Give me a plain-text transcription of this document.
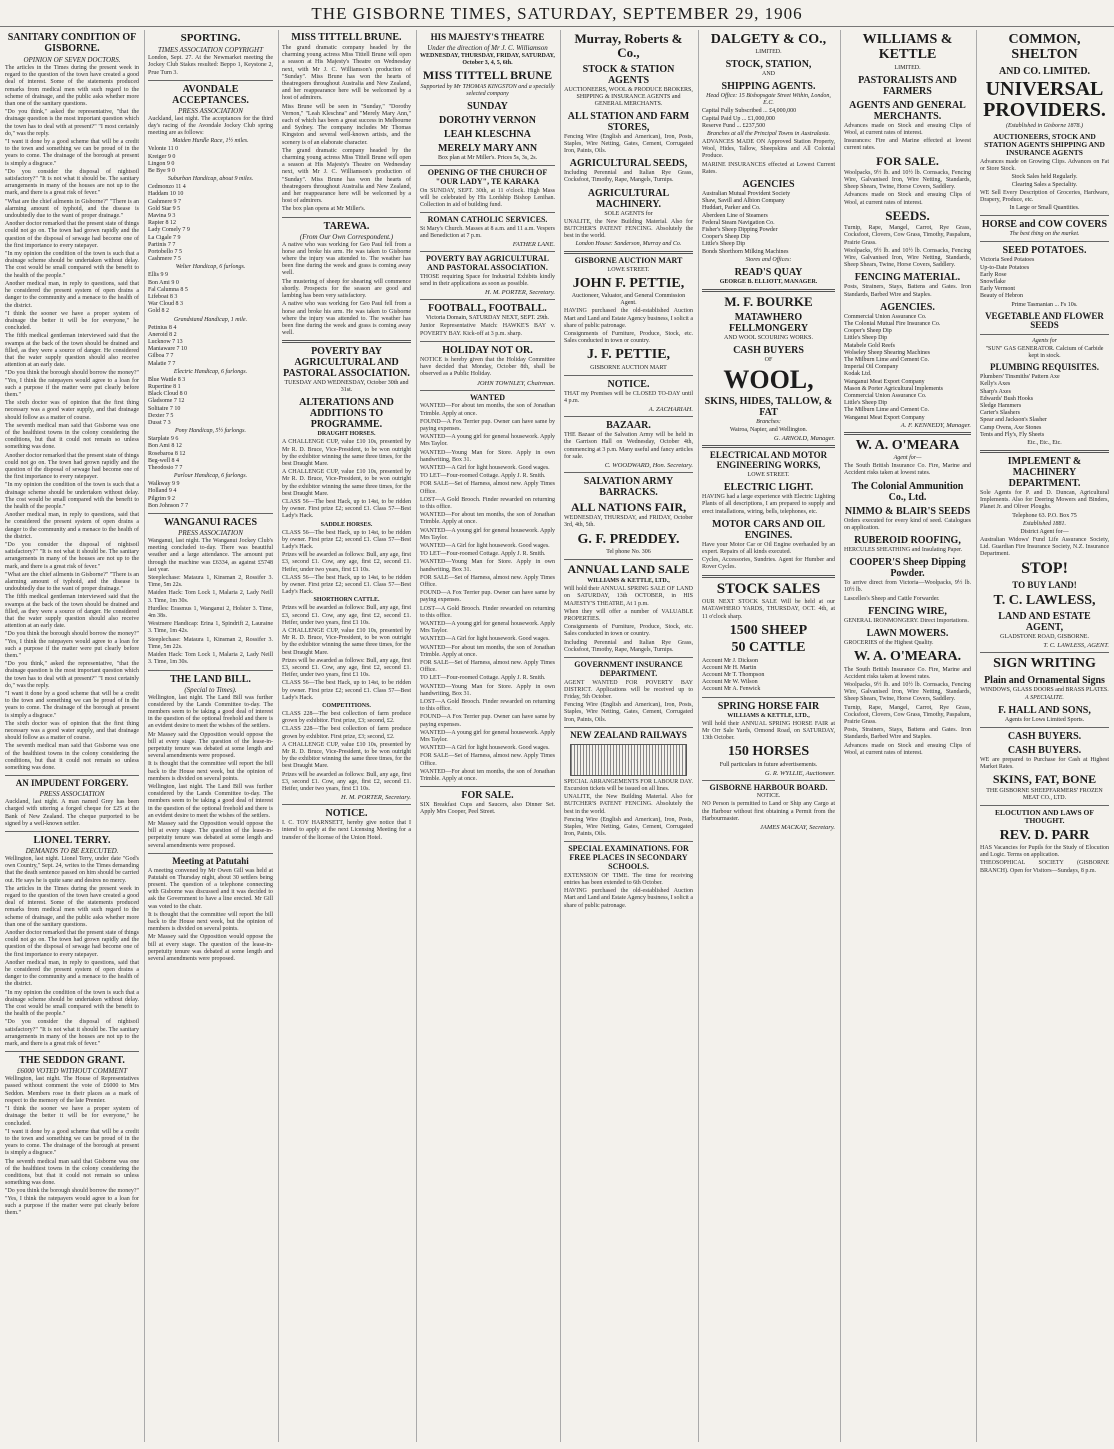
THE GISBORNE TIMES, SATURDAY, SEPTEMBER 29, 1906
SANITARY CONDITION OF GISBORNE.
OPINION OF SEVEN DOCTORS.

The articles in the Times during the present week in regard to the question of the town have created a good deal of interest. Some of the statements produced remarks from medical men with such regard to the scheme of drainage, and the public asks whether more than one of the sanitary questions.

"Do you think," asked the representative, "that the drainage question is the most important question which the town has to deal with at present?" "I most certainly do," was the reply.

"I want it done by a good scheme that will be a credit to the town and something we can be proud of in the years to come. The drainage of the borough at present is simply a disgrace."

"Do you consider the disposal of nightsoil satisfactory?" "It is not what it should be. The sanitary arrangements in many of the houses are not up to the mark, and there is a great risk of fever."

"What are the chief ailments in Gisborne?" "There is an alarming amount of typhoid, and the disease is undoubtedly due to the want of proper drainage."

Another doctor remarked that the present state of things could not go on. The town had grown rapidly and the question of the disposal of sewage had become one of the first importance to every ratepayer.

"In my opinion the condition of the town is such that a drainage scheme should be undertaken without delay. The cost would be small compared with the benefit to the health of the people."

Another medical man, in reply to questions, said that he considered the present system of open drains a danger to the community and a menace to the health of the district.

"I think the sooner we have a proper system of drainage the better it will be for everyone," he concluded.

The fifth medical gentleman interviewed said that the swamps at the back of the town should be drained and filled, as they were a source of danger. He considered that the water supply question should also receive attention at an early date.

"Do you think the borough should borrow the money?" "Yes, I think the ratepayers would agree to a loan for such a purpose if the matter were put clearly before them."

The sixth doctor was of opinion that the first thing necessary was a good water supply, and that drainage should follow as a matter of course.

The seventh medical man said that Gisborne was one of the healthiest towns in the colony considering the conditions, but that it could not remain so unless something was done.

Another doctor remarked that the present state of things could not go on. The town had grown rapidly and the question of the disposal of sewage had become one of the first importance to every ratepayer.

"In my opinion the condition of the town is such that a drainage scheme should be undertaken without delay. The cost would be small compared with the benefit to the health of the people."

Another medical man, in reply to questions, said that he considered the present system of open drains a danger to the community and a menace to the health of the district.

"Do you consider the disposal of nightsoil satisfactory?" "It is not what it should be. The sanitary arrangements in many of the houses are not up to the mark, and there is a great risk of fever."

"What are the chief ailments in Gisborne?" "There is an alarming amount of typhoid, and the disease is undoubtedly due to the want of proper drainage."

The fifth medical gentleman interviewed said that the swamps at the back of the town should be drained and filled, as they were a source of danger. He considered that the water supply question should also receive attention at an early date.

"Do you think the borough should borrow the money?" "Yes, I think the ratepayers would agree to a loan for such a purpose if the matter were put clearly before them."

"Do you think," asked the representative, "that the drainage question is the most important question which the town has to deal with at present?" "I most certainly do," was the reply.

"I want it done by a good scheme that will be a credit to the town and something we can be proud of in the years to come. The drainage of the borough at present is simply a disgrace."

The sixth doctor was of opinion that the first thing necessary was a good water supply, and that drainage should follow as a matter of course.

The seventh medical man said that Gisborne was one of the healthiest towns in the colony considering the conditions, but that it could not remain so unless something was done.

AN IMPUDENT FORGERY.
PRESS ASSOCIATION

Auckland, last night. A man named Grey has been charged with uttering a forged cheque for £25 at the Bank of New Zealand. The cheque purported to be signed by a well-known settler.

LIONEL TERRY.
DEMANDS TO BE EXECUTED.

Wellington, last night. Lionel Terry, under date "God's own Country," Sept. 24, writes to the Times demanding that the death sentence passed on him should be carried out. He says he is quite sane and desires no mercy.

The articles in the Times during the present week in regard to the question of the town have created a good deal of interest. Some of the statements produced remarks from medical men with such regard to the scheme of drainage, and the public asks whether more than one of the sanitary questions.

Another doctor remarked that the present state of things could not go on. The town had grown rapidly and the question of the disposal of sewage had become one of the first importance to every ratepayer.

Another medical man, in reply to questions, said that he considered the present system of open drains a danger to the community and a menace to the health of the district.

"In my opinion the condition of the town is such that a drainage scheme should be undertaken without delay. The cost would be small compared with the benefit to the health of the people."

"Do you consider the disposal of nightsoil satisfactory?" "It is not what it should be. The sanitary arrangements in many of the houses are not up to the mark, and there is a great risk of fever."

THE SEDDON GRANT.
£6000 VOTED WITHOUT COMMENT

Wellington, last night. The House of Representatives passed without comment the vote of £6000 to Mrs Seddon. Members rose in their places as a mark of respect to the memory of the late Premier.

"I think the sooner we have a proper system of drainage the better it will be for everyone," he concluded.

"I want it done by a good scheme that will be a credit to the town and something we can be proud of in the years to come. The drainage of the borough at present is simply a disgrace."

The seventh medical man said that Gisborne was one of the healthiest towns in the colony considering the conditions, but that it could not remain so unless something was done.

"Do you think the borough should borrow the money?" "Yes, I think the ratepayers would agree to a loan for such a purpose if the matter were put clearly before them."

SPORTING.
TIMES ASSOCIATION COPYRIGHT

London, Sept. 27. At the Newmarket meeting the Jockey Club Stakes resulted: Beppo 1, Keystone 2, Prue Turn 3.

AVONDALE ACCEPTANCES.
PRESS ASSOCIATION

Auckland, last night. The acceptances for the third day's racing of the Avondale Jockey Club spring meeting are as follows:

Maiden Hurdle Race, 1½ miles.
Velonte 11 0
Kreiger 9 0
Lingon 9 0
Be Bye 9 0
Suburban Handicap, about 9 miles.
Cedmonzo 11 4
Haddam 10 10
Cashmere 9 7
Gold Star 9 5
Mavina 9 3
Rapier 8 12
Lady Comely 7 9
La Cigale 7 9
Partinis 7 7
Portobello 7 5
Cashmere 7 5
Welter Handicap, 6 furlongs.
Ellis 9 9
Bon Ami 9 0
Fal Calumna 8 5
Lifeboat 8 3
War Cloud 8 3
Gold 8 2
Grandstand Handicap, 1 mile.
Petinius 8 4
Aneroid 8 2
Lucknow 7 13
Maniaware 7 10
Gilboa 7 7
Malatie 7 7
Electric Handicap, 6 furlongs.
Blue Wattle 8 3
Rupertine 8 1
Black Cloud 8 0
Gladsome 7 12
Solitaire 7 10
Dexter 7 5
Dusst 7 3
Pony Handicap, 5½ furlongs.
Starplate 9 6
Bon Ami 8 12
Rosebaroa 8 12
Beg-well 8 4
Theodosio 7 7
Parlour Handicap, 6 furlongs.
Walkway 9 9
Holland 9 4
Pilgrim 9 2
Bon Johnson 7 7
WANGANUI RACES
PRESS ASSOCIATION

Wanganui, last night. The Wanganui Jockey Club's meeting concluded to-day. There was beautiful weather and a large attendance. The amount put through the machine was £6334, as against £5748 last year.

Steeplechase: Mataura 1, Kinsman 2, Rossifer 3. Time, 5m 22s.

Maiden Hack: Tom Lock 1, Malaria 2, Lady Neill 3. Time, 1m 30s.

Hurdles: Erasmus 1, Wanganui 2, Holster 3. Time, 4m 38s.

Westmere Handicap: Erina 1, Spindrift 2, Lauraine 3. Time, 1m 42s.

Steeplechase: Mataura 1, Kinsman 2, Rossifer 3. Time, 5m 22s.

Maiden Hack: Tom Lock 1, Malaria 2, Lady Neill 3. Time, 1m 30s.

THE LAND BILL.
(Special to Times).

Wellington, last night. The Land Bill was further considered by the Lands Committee to-day. The members seem to be taking a good deal of interest in the question of the optional freehold and there is an evident desire to meet the wishes of the settlers.

Mr Massey said the Opposition would oppose the bill at every stage. The question of the lease-in-perpetuity tenure was debated at some length and several amendments were proposed.

It is thought that the committee will report the bill back to the House next week, but the opinion of members is divided on several points.

Wellington, last night. The Land Bill was further considered by the Lands Committee to-day. The members seem to be taking a good deal of interest in the question of the optional freehold and there is an evident desire to meet the wishes of the settlers.

Mr Massey said the Opposition would oppose the bill at every stage. The question of the lease-in-perpetuity tenure was debated at some length and several amendments were proposed.

Meeting at Patutahi

A meeting convened by Mr Owen Gill was held at Patutahi on Thursday night, about 30 settlers being present. The question of a telephone connecting with Gisborne was discussed and it was decided to ask the Government to have a line erected. Mr Gill was voted to the chair.

It is thought that the committee will report the bill back to the House next week, but the opinion of members is divided on several points.

Mr Massey said the Opposition would oppose the bill at every stage. The question of the lease-in-perpetuity tenure was debated at some length and several amendments were proposed.

MISS TITTELL BRUNE.

The grand dramatic company headed by the charming young actress Miss Tittell Brune will open a season at His Majesty's Theatre on Wednesday next, with Mr J. C. Williamson's production of "Sunday". Miss Brune has won the hearts of theatregoers throughout Australia and New Zealand, and her reappearance here will be welcomed by a host of admirers.

Miss Brune will be seen in "Sunday," "Dorothy Vernon," "Leah Kleschna" and "Merely Mary Ann," each of which has been a great success in Melbourne and Sydney. The company includes Mr Thomas Kingston and several well-known artists, and the scenery is of an elaborate character.

The grand dramatic company headed by the charming young actress Miss Tittell Brune will open a season at His Majesty's Theatre on Wednesday next, with Mr J. C. Williamson's production of "Sunday". Miss Brune has won the hearts of theatregoers throughout Australia and New Zealand, and her reappearance here will be welcomed by a host of admirers.

The box plan opens at Mr Miller's.

TAREWA.
(From Our Own Correspondent.)

A native who was working for Geo Paul fell from a horse and broke his arm. He was taken to Gisborne where the injury was attended to. The weather has been fine during the week and grass is coming away well.

The mustering of sheep for shearing will commence shortly. Prospects for the season are good and lambing has been very satisfactory.

A native who was working for Geo Paul fell from a horse and broke his arm. He was taken to Gisborne where the injury was attended to. The weather has been fine during the week and grass is coming away well.

POVERTY BAY AGRICULTURAL AND PASTORAL ASSOCIATION.
TUESDAY AND WEDNESDAY, October 30th and 31st.
ALTERATIONS AND ADDITIONS TO PROGRAMME.
DRAUGHT HORSES.

A CHALLENGE CUP, value £10 10s, presented by Mr R. D. Bruce, Vice-President, to be won outright by the exhibitor winning the same three times, for the best Draught Mare.

A CHALLENGE CUP, value £10 10s, presented by Mr R. D. Bruce, Vice-President, to be won outright by the exhibitor winning the same three times, for the best Draught Mare.

CLASS 56—The best Hack, up to 14st, to be ridden by owner. First prize £2; second £1. Class 57—Best Lady's Hack.

SADDLE HORSES.

CLASS 56—The best Hack, up to 14st, to be ridden by owner. First prize £2; second £1. Class 57—Best Lady's Hack.

Prizes will be awarded as follows: Bull, any age, first £3, second £1. Cow, any age, first £2, second £1. Heifer, under two years, first £1 10s.

CLASS 56—The best Hack, up to 14st, to be ridden by owner. First prize £2; second £1. Class 57—Best Lady's Hack.

SHORTHORN CATTLE.

Prizes will be awarded as follows: Bull, any age, first £3, second £1. Cow, any age, first £2, second £1. Heifer, under two years, first £1 10s.

A CHALLENGE CUP, value £10 10s, presented by Mr R. D. Bruce, Vice-President, to be won outright by the exhibitor winning the same three times, for the best Draught Mare.

Prizes will be awarded as follows: Bull, any age, first £3, second £1. Cow, any age, first £2, second £1. Heifer, under two years, first £1 10s.

CLASS 56—The best Hack, up to 14st, to be ridden by owner. First prize £2; second £1. Class 57—Best Lady's Hack.

COMPETITIONS.

CLASS 228—The best collection of farm produce grown by exhibitor. First prize, £3; second, £2.

CLASS 228—The best collection of farm produce grown by exhibitor. First prize, £3; second, £2.

A CHALLENGE CUP, value £10 10s, presented by Mr R. D. Bruce, Vice-President, to be won outright by the exhibitor winning the same three times, for the best Draught Mare.

Prizes will be awarded as follows: Bull, any age, first £3, second £1. Cow, any age, first £2, second £1. Heifer, under two years, first £1 10s.

H. M. PORTER, Secretary.
NOTICE.

I. C. TOY HARNSETT, hereby give notice that I intend to apply at the next Licensing Meeting for a transfer of the license of the Union Hotel.

HIS MAJESTY'S THEATRE
Under the direction of Mr J. C. Williamson
WEDNESDAY, THURSDAY, FRIDAY, SATURDAY, October 3, 4, 5, 6th.
MISS TITTELL BRUNE
Supported by Mr THOMAS KINGSTON and a specially selected company
SUNDAY
DOROTHY VERNON
LEAH KLESCHNA
MERELY MARY ANN
Box plan at Mr Miller's. Prices 5s, 3s, 2s.
OPENING OF THE CHURCH OF "OUR LADY", TE KARAKA

On SUNDAY, SEPT. 30th, at 11 o'clock. High Mass will be celebrated by His Lordship Bishop Lenihan. Collection in aid of building fund.

ROMAN CATHOLIC SERVICES.

St Mary's Church. Masses at 8 a.m. and 11 a.m. Vespers and Benediction at 7 p.m.

FATHER LANE.
POVERTY BAY AGRICULTURAL AND PASTORAL ASSOCIATION.

THOSE requiring Space for Industrial Exhibits kindly send in their applications as soon as possible.

H. M. PORTER, Secretary.
FOOTBALL, FOOTBALL.
Victoria Domain, SATURDAY NEXT, SEPT. 29th.

Junior Representative Match: HAWKE'S BAY v. POVERTY BAY. Kick-off at 3 p.m. sharp.

HOLIDAY NOT OR.

NOTICE is hereby given that the Holiday Committee have decided that Monday, October 8th, shall be observed as a Public Holiday.

JOHN TOWNLEY, Chairman.
WANTED

WANTED—For about ten months, the son of Jonathan Trimble. Apply at once.

FOUND—A Fox Terrier pup. Owner can have same by paying expenses.

WANTED—A young girl for general housework. Apply Mrs Taylor.

WANTED—Young Man for Store. Apply in own handwriting, Box 31.

WANTED—A Girl for light housework. Good wages.

TO LET—Four-roomed Cottage. Apply J. R. Smith.

FOR SALE—Set of Harness, almost new. Apply Times Office.

LOST—A Gold Brooch. Finder rewarded on returning to this office.

WANTED—For about ten months, the son of Jonathan Trimble. Apply at once.

WANTED—A young girl for general housework. Apply Mrs Taylor.

WANTED—A Girl for light housework. Good wages.

TO LET—Four-roomed Cottage. Apply J. R. Smith.

WANTED—Young Man for Store. Apply in own handwriting, Box 31.

FOR SALE—Set of Harness, almost new. Apply Times Office.

FOUND—A Fox Terrier pup. Owner can have same by paying expenses.

LOST—A Gold Brooch. Finder rewarded on returning to this office.

WANTED—A young girl for general housework. Apply Mrs Taylor.

WANTED—A Girl for light housework. Good wages.

WANTED—For about ten months, the son of Jonathan Trimble. Apply at once.

FOR SALE—Set of Harness, almost new. Apply Times Office.

TO LET—Four-roomed Cottage. Apply J. R. Smith.

WANTED—Young Man for Store. Apply in own handwriting, Box 31.

LOST—A Gold Brooch. Finder rewarded on returning to this office.

FOUND—A Fox Terrier pup. Owner can have same by paying expenses.

WANTED—A young girl for general housework. Apply Mrs Taylor.

WANTED—A Girl for light housework. Good wages.

FOR SALE—Set of Harness, almost new. Apply Times Office.

WANTED—For about ten months, the son of Jonathan Trimble. Apply at once.

FOR SALE.

SIX Breakfast Cups and Saucers, also Dinner Set. Apply Mrs Cooper, Peel Street.

Murray, Roberts & Co.,
STOCK & STATION AGENTS
AUCTIONEERS, WOOL & PRODUCE BROKERS, SHIPPING & INSURANCE AGENTS and GENERAL MERCHANTS.
ALL STATION AND FARM STORES,

Fencing Wire (English and American), Iron, Posts, Staples, Wire Netting, Gates, Cement, Corrugated Iron, Paints, Oils.

AGRICULTURAL SEEDS,

Including Perennial and Italian Rye Grass, Cocksfoot, Timothy, Rape, Mangels, Turnips.

AGRICULTURAL MACHINERY.
SOLE AGENTS for

UNALITE, the New Building Material. Also for BUTCHER'S PATENT FENCING. Absolutely the best in the world.

London House: Sanderson, Murray and Co.
GISBORNE AUCTION MART
LOWE STREET.
JOHN F. PETTIE,
Auctioneer, Valuator, and General Commission Agent.

HAVING purchased the old-established Auction Mart and Land and Estate Agency business, I solicit a share of public patronage.

Consignments of Furniture, Produce, Stock, etc. Sales conducted in town or country.

J. F. PETTIE,
GISBORNE AUCTION MART
NOTICE.

THAT my Premises will be CLOSED TO-DAY until 4 p.m.

A. ZACHARIAH.
BAZAAR.

THE Bazaar of the Salvation Army will be held in the Garrison Hall on Wednesday, October 4th, commencing at 3 p.m. Many useful and fancy articles for sale.

C. WOODWARD, Hon. Secretary.
SALVATION ARMY BARRACKS.
ALL NATIONS FAIR,

WEDNESDAY, THURSDAY, and FRIDAY, October 3rd, 4th, 5th.

G. F. PREDDEY.
Tel phone No. 306
ANNUAL LAND SALE
WILLIAMS & KETTLE, LTD.,

Will hold their ANNUAL SPRING SALE OF LAND on SATURDAY, 13th OCTOBER, in HIS MAJESTY'S THEATRE, At 1 p.m.

When they will offer a number of VALUABLE PROPERTIES.

Consignments of Furniture, Produce, Stock, etc. Sales conducted in town or country.

Including Perennial and Italian Rye Grass, Cocksfoot, Timothy, Rape, Mangels, Turnips.

GOVERNMENT INSURANCE DEPARTMENT.

AGENT WANTED FOR POVERTY BAY DISTRICT. Applications will be received up to Friday, 5th October.

Fencing Wire (English and American), Iron, Posts, Staples, Wire Netting, Gates, Cement, Corrugated Iron, Paints, Oils.

NEW ZEALAND RAILWAYS

SPECIAL ARRANGEMENTS FOR LABOUR DAY. Excursion tickets will be issued on all lines.

UNALITE, the New Building Material. Also for BUTCHER'S PATENT FENCING. Absolutely the best in the world.

Fencing Wire (English and American), Iron, Posts, Staples, Wire Netting, Gates, Cement, Corrugated Iron, Paints, Oils.

SPECIAL EXAMINATIONS. FOR FREE PLACES IN SECONDARY SCHOOLS.

EXTENSION OF TIME. The time for receiving entries has been extended to 6th October.

HAVING purchased the old-established Auction Mart and Land and Estate Agency business, I solicit a share of public patronage.

DALGETY & CO.,
LIMITED.
STOCK, STATION,
AND
SHIPPING AGENTS.
Head Office: 15 Bishopsgate Street Within, London, E.C.
Capital Fully Subscribed ... £4,000,000
Capital Paid Up ... £1,000,000
Reserve Fund ... £237,500
Branches at all the Principal Towns in Australasia.

ADVANCES MADE ON Approved Station Property, Wool, Hides, Tallow, Sheepskins and All Colonial Produce.

MARINE INSURANCES effected at Lowest Current Rates.

AGENCIES
Australian Mutual Provident Society
Shaw, Savill and Albion Company
Huddart, Parker and Co.
Aberdeen Line of Steamers
Federal Steam Navigation Co.
Fisher's Sheep Dipping Powder
Cooper's Sheep Dip
Little's Sheep Dip
Bonds Shorthorn Milking Machines
Stores and Offices:
READ'S QUAY
GEORGE B. ELLIOTT, MANAGER.
M. F. BOURKE
MATAWHERO FELLMONGERY
AND WOOL SCOURING WORKS.
CASH BUYERS
OF
WOOL,
SKINS, HIDES, TALLOW, & FAT
Branches:
Wairoa, Napier, and Wellington.
G. ARNOLD, Manager.
ELECTRICAL AND MOTOR ENGINEERING WORKS,
LOWE STREET.
ELECTRIC LIGHT.

HAVING had a large experience with Electric Lighting Plants of all descriptions, I am prepared to supply and erect installations, wiring, bells, telephones, etc.

MOTOR CARS AND OIL ENGINES.

Have your Motor Car or Oil Engine overhauled by an expert. Repairs of all kinds executed.

Cycles, Accessories, Sundries. Agent for Humber and Rover Cycles.

STOCK SALES

OUR NEXT STOCK SALE Will be held at our MATAWHERO YARDS, THURSDAY, OCT. 4th, at 11 o'clock sharp.

1500 SHEEP
50 CATTLE
Account Mr J. Dickson
Account Mr H. Martin
Account Mr T. Thompson
Account Mr W. Wilson
Account Mr A. Fenwick
SPRING HORSE FAIR
WILLIAMS & KETTLE, LTD.,

Will hold their ANNUAL SPRING HORSE FAIR at Mr Orr Sale Yards, Ormond Road, on SATURDAY, 13th October.

150 HORSES
Full particulars in future advertisements.
G. R. WYLLIE, Auctioneer.
GISBORNE HARBOUR BOARD.
NOTICE.

NO Person is permitted to Land or Ship any Cargo at the Harbour without first obtaining a Permit from the Harbourmaster.

JAMES MACKAY, Secretary.
WILLIAMS & KETTLE
LIMITED.
PASTORALISTS AND FARMERS
AGENTS AND GENERAL MERCHANTS.

Advances made on Stock and ensuing Clips of Wool, at current rates of interest.

Insurances: Fire and Marine effected at lowest current rates.

FOR SALE.

Woolpacks, 9½ lb. and 10½ lb. Cornsacks, Fencing Wire, Galvanised Iron, Wire Netting, Standards, Sheep Shears, Twine, Horse Covers, Saddlery.

Advances made on Stock and ensuing Clips of Wool, at current rates of interest.

SEEDS.

Turnip, Rape, Mangel, Carrot, Rye Grass, Cocksfoot, Clovers, Cow Grass, Timothy, Paspalum, Prairie Grass.

Woolpacks, 9½ lb. and 10½ lb. Cornsacks, Fencing Wire, Galvanised Iron, Wire Netting, Standards, Sheep Shears, Twine, Horse Covers, Saddlery.

FENCING MATERIAL.

Posts, Strainers, Stays, Battens and Gates. Iron Standards, Barbed Wire and Staples.

AGENCIES.
Commercial Union Assurance Co.
The Colonial Mutual Fire Insurance Co.
Cooper's Sheep Dip
Little's Sheep Dip
Matabele Gold Reefs
Wolseley Sheep Shearing Machines
The Milburn Lime and Cement Co.
Imperial Oil Company
Kodak Ltd.
Wanganui Meat Export Company
Mason & Porter Agricultural Implements
Commercial Union Assurance Co.
Little's Sheep Dip
The Milburn Lime and Cement Co.
Wanganui Meat Export Company
A. F. KENNEDY, Manager.
W. A. O'MEARA
Agent for—

The South British Insurance Co. Fire, Marine and Accident risks taken at lowest rates.

The Colonial Ammunition Co., Ltd.
NIMMO & BLAIR'S SEEDS

Orders executed for every kind of seed. Catalogues on application.

RUBEROID ROOFING,

HERCULES SHEATHING and Insulating Paper.

COOPER'S Sheep Dipping Powder.

To arrive direct from Victoria—Woolpacks, 9½ lb. 10½ lb.

Lascelles's Sheep and Cattle Forwarder.

FENCING WIRE,

GENERAL IRONMONGERY. Direct Importations.

LAWN MOWERS.

GROCERIES of the Highest Quality.

W. A. O'MEARA.

The South British Insurance Co. Fire, Marine and Accident risks taken at lowest rates.

Woolpacks, 9½ lb. and 10½ lb. Cornsacks, Fencing Wire, Galvanised Iron, Wire Netting, Standards, Sheep Shears, Twine, Horse Covers, Saddlery.

Turnip, Rape, Mangel, Carrot, Rye Grass, Cocksfoot, Clovers, Cow Grass, Timothy, Paspalum, Prairie Grass.

Posts, Strainers, Stays, Battens and Gates. Iron Standards, Barbed Wire and Staples.

Advances made on Stock and ensuing Clips of Wool, at current rates of interest.

COMMON, SHELTON
AND CO. LIMITED.
UNIVERSAL PROVIDERS.
(Established in Gisborne 1878.)
AUCTIONEERS, STOCK AND STATION AGENTS SHIPPING AND INSURANCE AGENTS

Advances made on Growing Clips. Advances on Fat or Store Stock.

Stock Sales held Regularly.
Clearing Sales a Speciality.

WE Sell Every Description of Groceries, Hardware, Drapery, Produce, etc.

In Large or Small Quantities.
HORSE and COW COVERS
The best thing on the market.
SEED POTATOES.
Victoria Seed Potatoes
Up-to-Date Potatoes
Early Rose
Snowflake
Early Vermont
Beauty of Hebron
Prime Tasmanian ... Fs 10s.
VEGETABLE AND FLOWER SEEDS
Agents for
"SUN" GAS GENERATOR. Calcium of Carbide kept in stock.
PLUMBING REQUISITES.
Plumbers' Tinsmiths' Pattern Axe
Kelly's Axes
Sharp's Axes
Edwards' Bush Hooks
Sledge Hammers
Carter's Slashers
Spear and Jackson's Slasher
Camp Ovens, Axe Stones
Tents and Fly's, Fly Sheets
Etc., Etc., Etc.
IMPLEMENT & MACHINERY DEPARTMENT.

Sole Agents for P. and D. Duncan, Agricultural Implements. Also for Deering Mowers and Binders, Planet Jr. and Oliver Ploughs.

Telephone 63. P.O. Box 75
Established 1881.
District Agent for—

Australian Widows' Fund Life Assurance Society, Ltd. Guardian Fire Insurance Society, N.Z. Insurance Department.

STOP!
TO BUY LAND!
T. C. LAWLESS,
LAND AND ESTATE AGENT,
GLADSTONE ROAD, GISBORNE.
T. C. LAWLESS, AGENT.
SIGN WRITING
Plain and Ornamental Signs
WINDOWS, GLASS DOORS and BRASS PLATES.
A SPECIALITE.
F. HALL AND SONS,
Agents for Lows Limited Sports.
CASH BUYERS.
CASH BUYERS.

WE are prepared to Purchase for Cash at Highest Market Rates.

SKINS, FAT, BONE
THE GISBORNE SHEEPFARMERS' FROZEN MEAT CO., LTD.
ELOCUTION AND LAWS OF THOUGHT.
REV. D. PARR

HAS Vacancies for Pupils for the Study of Elocution and Logic. Terms on application.

THEOSOPHICAL SOCIETY (GISBORNE BRANCH). Open for Visitors—Sundays, 8 p.m.
